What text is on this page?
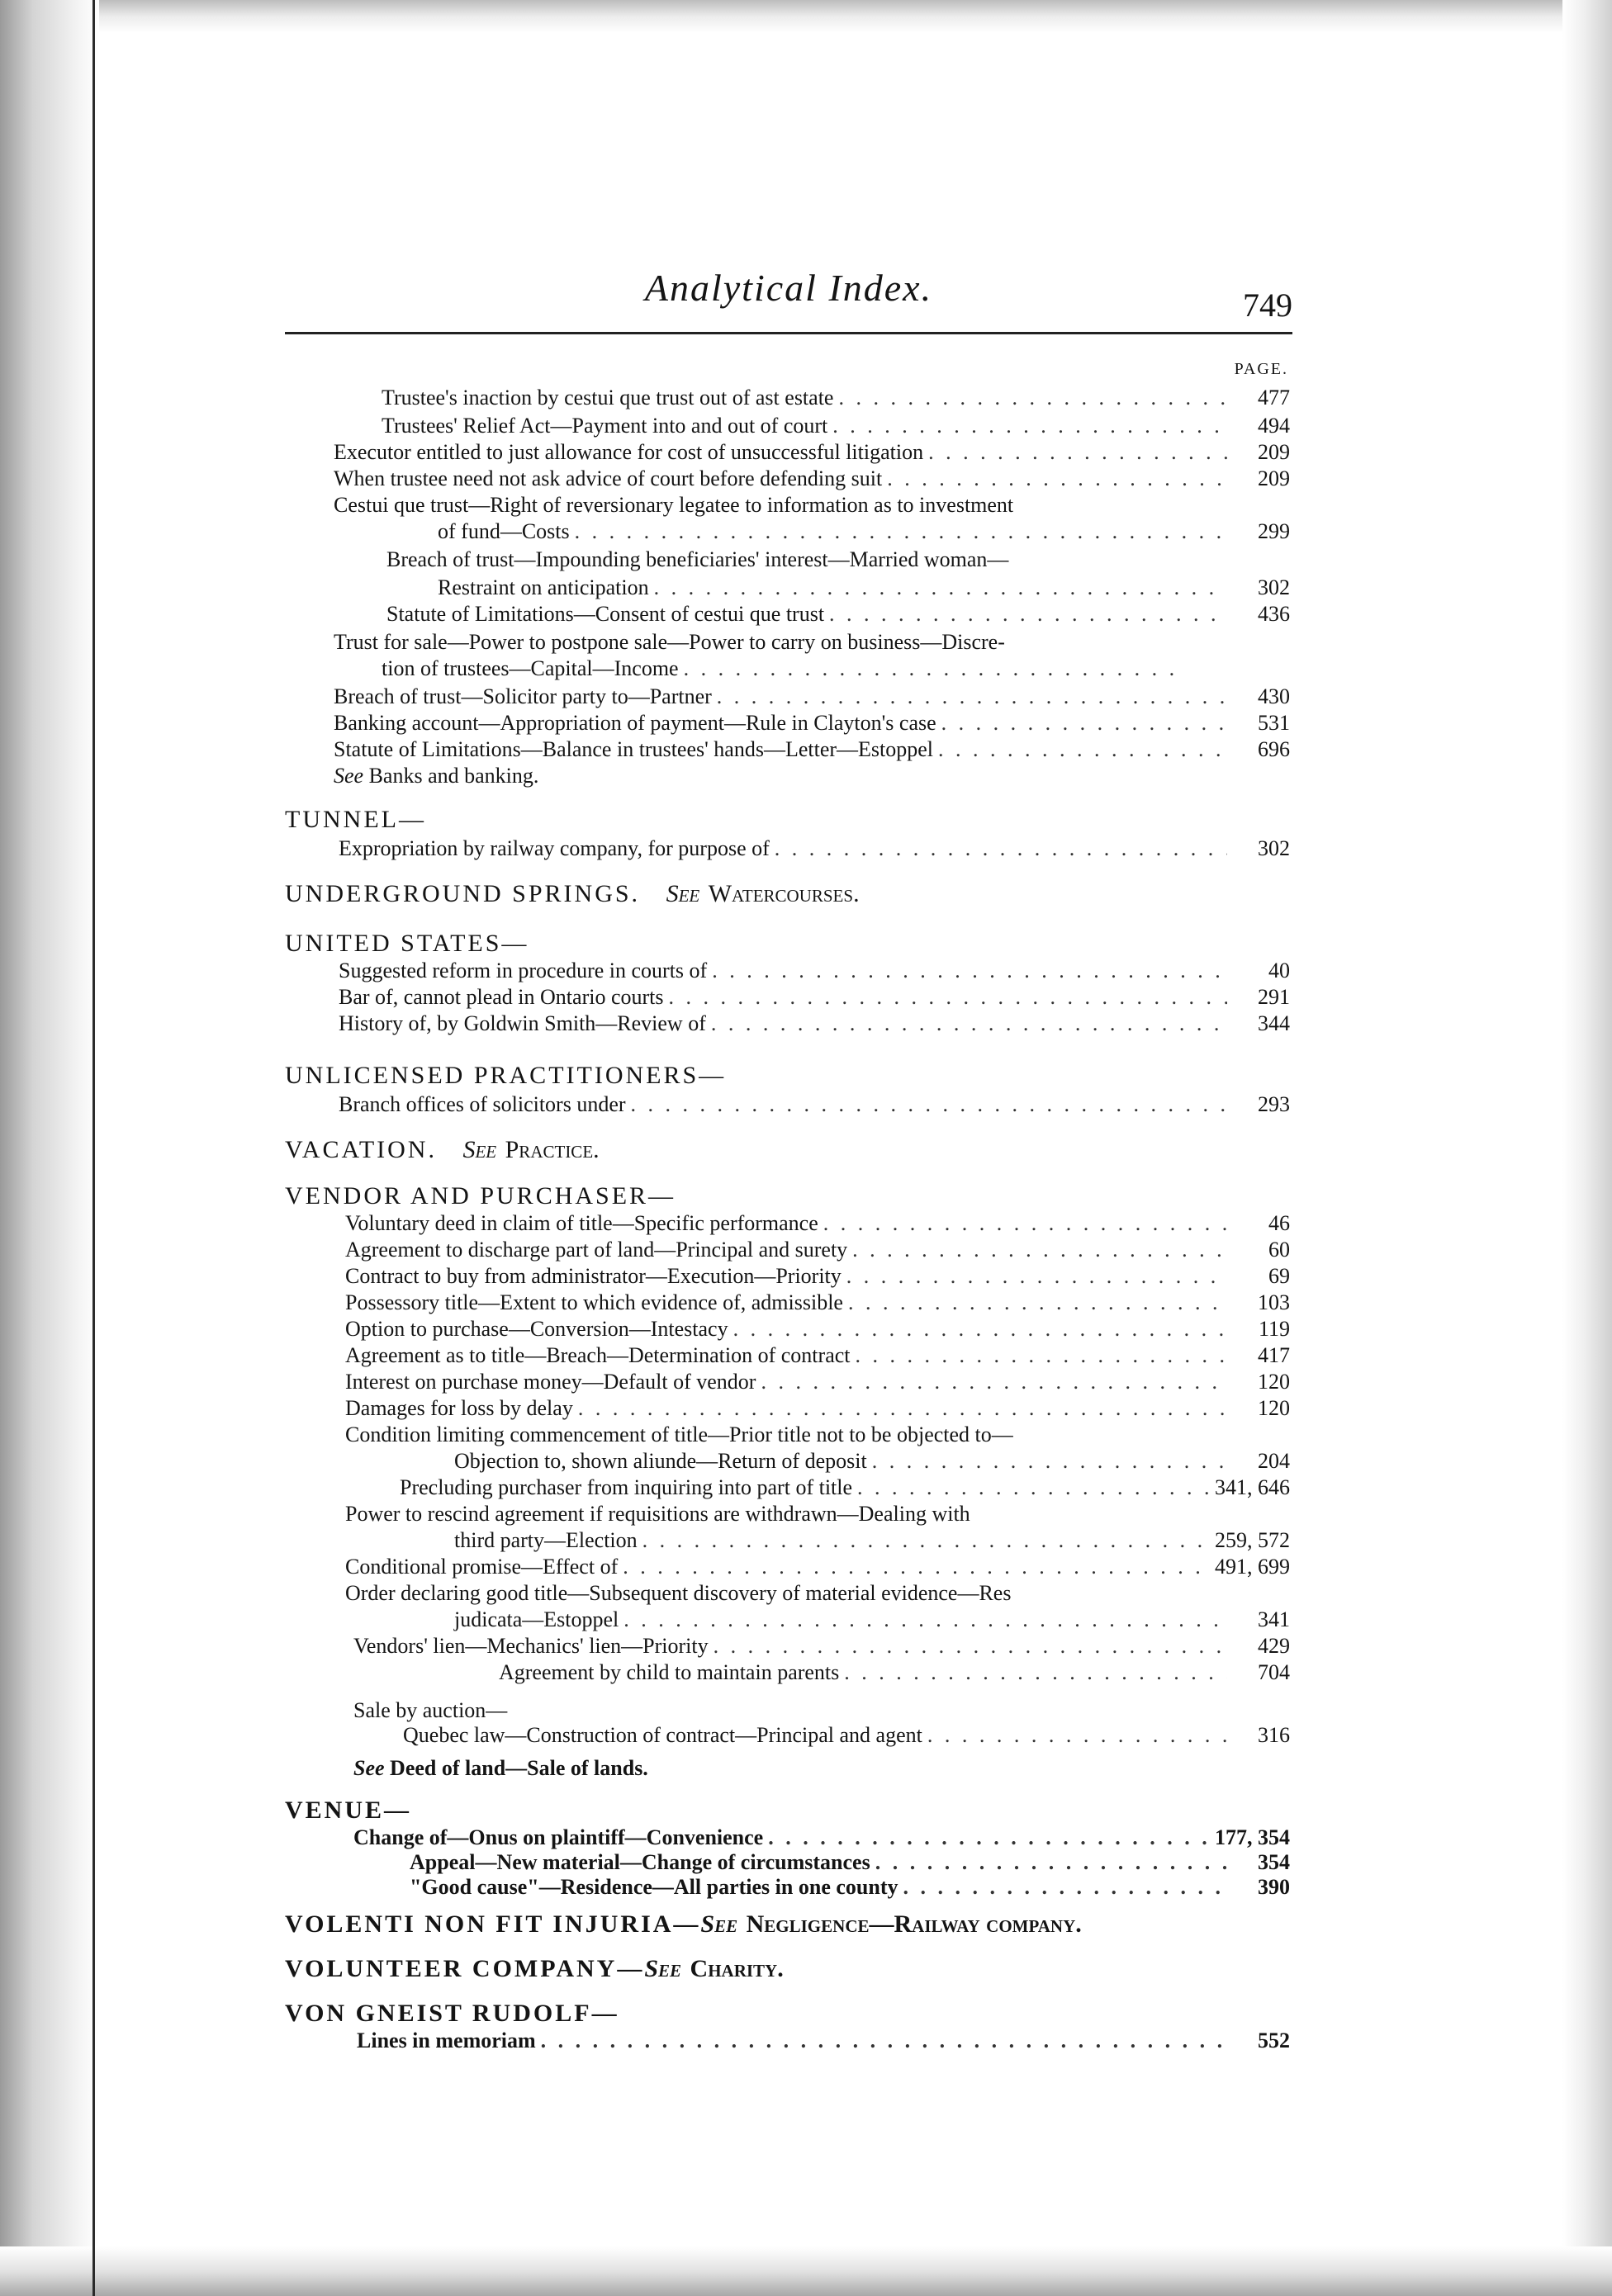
Analytical Index.	749
PAGE.
Trustee's inaction by cestui que trust out of ast estate . . .	477
Trustees' Relief Act—Payment into and out of court . . .	494
Executor entitled to just allowance for cost of unsuccessful litigation . . .	209
When trustee need not ask advice of court before defending suit . . .	209
Cestui que trust—Right of reversionary legatee to information as to investment
of fund—Costs . . .	299
Breach of trust—Impounding beneficiaries' interest—Married woman—
Restraint on anticipation . . .	302
Statute of Limitations—Consent of cestui que trust . . .	436
Trust for sale—Power to postpone sale—Power to carry on business—Discre-
tion of trustees—Capital—Income
. . .
Breach of trust—Solicitor party to—Partner . . .	430
Banking account—Appropriation of payment—Rule in Clayton's case . . .	531
Statute of Limitations—Balance in trustees' hands—Letter—Estoppel . . .	696
See Banks and banking.
TUNNEL—
Expropriation by railway company, for purpose of . . .	302
UNDERGROUND SPRINGS. See Watercourses.
UNITED STATES—
Suggested reform in procedure in courts of . . .	40
Bar of, cannot plead in Ontario courts . . .	291
History of, by Goldwin Smith—Review of . . .	344
UNLICENSED PRACTITIONERS—
Branch offices of solicitors under . . .	293
VACATION. See Practice.
VENDOR AND PURCHASER—
Voluntary deed in claim of title—Specific performance . . .	46
Agreement to discharge part of land—Principal and surety . . .	60
Contract to buy from administrator—Execution—Priority . . .	69
Possessory title—Extent to which evidence of, admissible . . .	103
Option to purchase—Conversion—Intestacy . . .	119
Agreement as to title—Breach—Determination of contract . . .	417
Interest on purchase money—Default of vendor . . .	120
Damages for loss by delay . . .	120
Condition limiting commencement of title—Prior title not to be objected to—
Objection to, shown aliunde—Return of deposit . . .	204
Precluding purchaser from inquiring into part of title . . .	341, 646
Power to rescind agreement if requisitions are withdrawn—Dealing with
third party—Election . . .	259, 572
Conditional promise—Effect of . . .	491, 699
Order declaring good title—Subsequent discovery of material evidence—Res
judicata—Estoppel . . .	341
Vendors' lien—Mechanics' lien—Priority . . .	429
Agreement by child to maintain parents . . .	704
Sale by auction—
Quebec law—Construction of contract—Principal and agent . . .	316
See Deed of land—Sale of lands.
VENUE—
Change of—Onus on plaintiff—Convenience . . .	177, 354
Appeal—New material—Change of circumstances . . .	354
"Good cause"—Residence—All parties in one county . . .	390
VOLENTI NON FIT INJURIA—See Negligence—Railway company.
VOLUNTEER COMPANY—See Charity.
VON GNEIST RUDOLF—
Lines in memoriam . . .	552
